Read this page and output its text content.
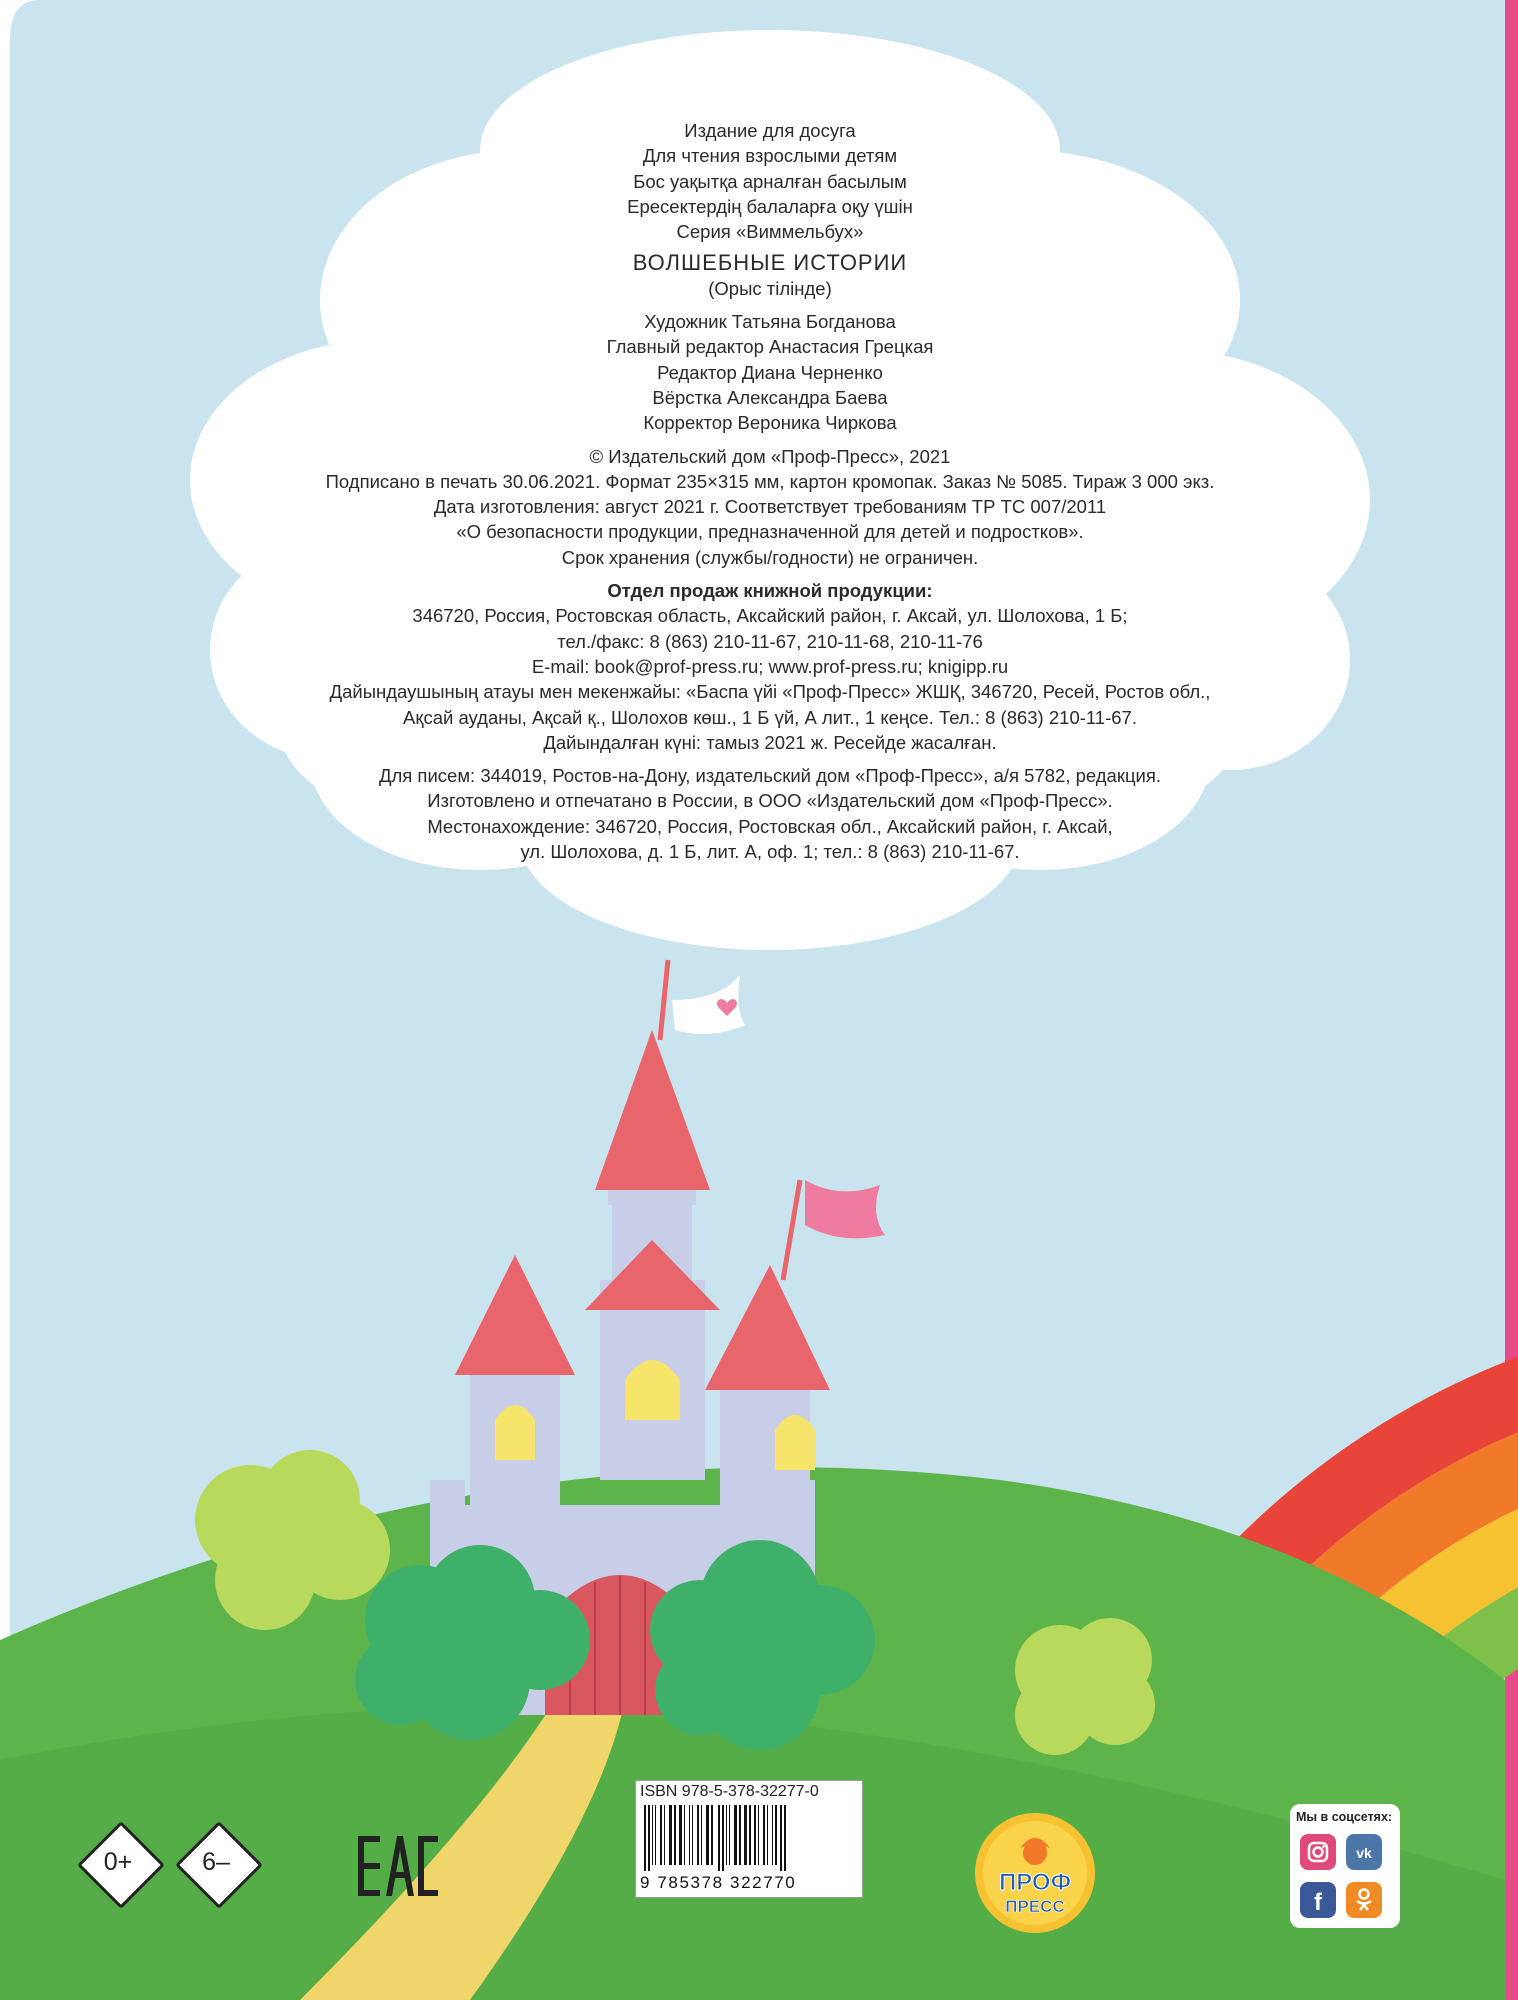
Издание для досуга
Для чтения взрослыми детям
Бос уақытқа арналған басылым
Ересектердің балаларға оқу үшін
Серия «Виммельбух»
ВОЛШЕБНЫЕ ИСТОРИИ
(Орыс тілінде)
Художник Татьяна Богданова
Главный редактор Анастасия Грецкая
Редактор Диана Черненко
Вёрстка Александра Баева
Корректор Вероника Чиркова
© Издательский дом «Проф-Пресс», 2021
Подписано в печать 30.06.2021. Формат 235×315 мм, картон кромопак. Заказ № 5085. Тираж 3 000 экз.
Дата изготовления: август 2021 г. Соответствует требованиям ТР ТС 007/2011
«О безопасности продукции, предназначенной для детей и подростков».
Срок хранения (службы/годности) не ограничен.
Отдел продаж книжной продукции:
346720, Россия, Ростовская область, Аксайский район, г. Аксай, ул. Шолохова, 1 Б;
тел./факс: 8 (863) 210-11-67, 210-11-68, 210-11-76
E-mail: book@prof-press.ru; www.prof-press.ru; knigipp.ru
Дайындаушының атауы мен мекенжайы: «Баспа үйі «Проф-Пресс» ЖШҚ, 346720, Ресей, Ростов обл.,
Ақсай ауданы, Ақсай қ., Шолохов көш., 1 Б үй, А лит., 1 кеңсе. Тел.: 8 (863) 210-11-67.
Дайындалған күні: тамыз 2021 ж. Ресейде жасалған.
Для писем: 344019, Ростов-на-Дону, издательский дом «Проф-Пресс», а/я 5782, редакция.
Изготовлено и отпечатано в России, в ООО «Издательский дом «Проф-Пресс».
Местонахождение: 346720, Россия, Ростовская обл., Аксайский район, г. Аксай,
ул. Шолохова, д. 1 Б, лит. А, оф. 1; тел.: 8 (863) 210-11-67.
ISBN 978-5-378-32277-0
9 785378 322770
0+	6–
ПРОФ
ПРЕСС
Мы в соцсетях:
vk
f
